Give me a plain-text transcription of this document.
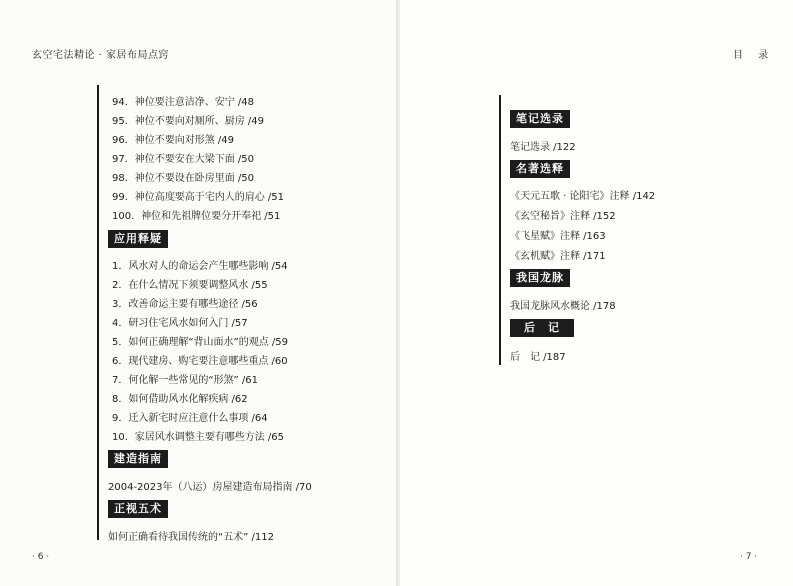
玄空宅法精论 · 家居布局点窍	目 录
94．神位要注意洁净、安宁 /48
95．神位不要向对厕所、厨房 /49
96．神位不要向对形煞 /49
97．神位不要安在大梁下面 /50
98．神位不要设在卧房里面 /50
99．神位高度要高于宅内人的肩心 /51
100．神位和先祖牌位要分开奉祀 /51
应用释疑
1．风水对人的命运会产生哪些影响 /54
2．在什么情况下须要调整风水 /55
3．改善命运主要有哪些途径 /56
4．研习住宅风水如何入门 /57
5．如何正确理解“背山面水”的观点 /59
6．现代建房、购宅要注意哪些重点 /60
7．何化解一些常见的“形煞” /61
8．如何借助风水化解疾病 /62
9．迁入新宅时应注意什么事项 /64
10．家居风水调整主要有哪些方法 /65
建造指南
2004-2023年（八运）房屋建造布局指南 /70
正视五术
如何正确看待我国传统的“五术” /112
· 6 ·
笔记选录
笔记选录 /122
名著选释
《天元五歌 · 论阳宅》注释 /142
《玄空秘旨》注释 /152
《飞星赋》注释 /163
《玄机赋》注释 /171
我国龙脉
我国龙脉风水概论 /178
后　记
后　记 /187
· 7 ·
